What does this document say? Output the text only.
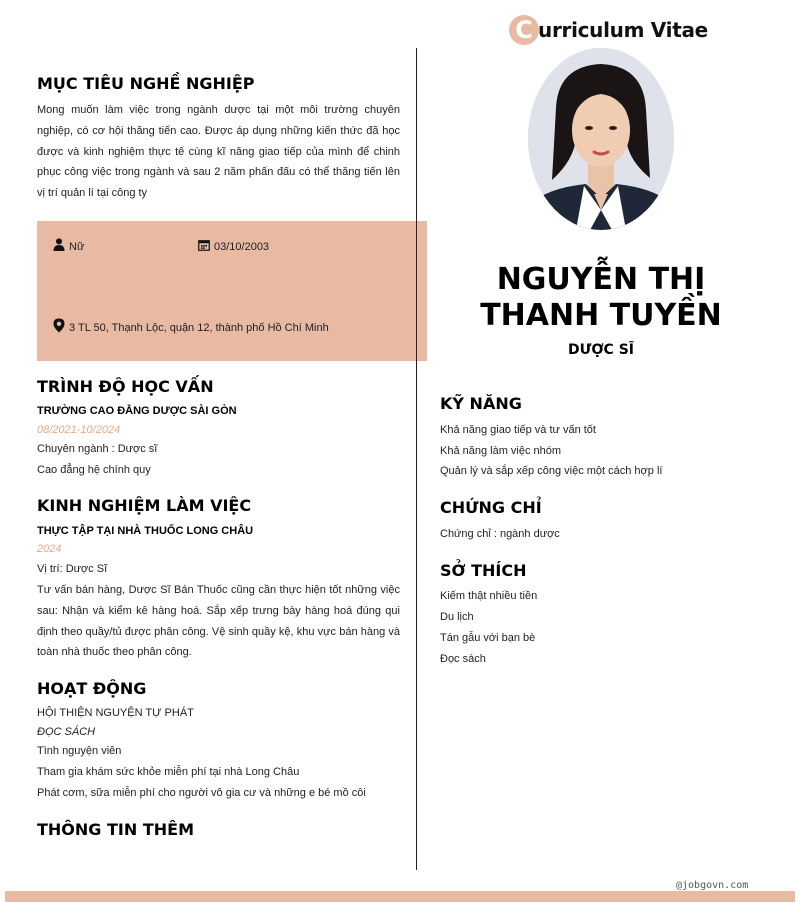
C urriculum Vitae
NGUYỄN THỊ THANH TUYỀN
DƯỢC SĨ
MỤC TIÊU NGHỀ NGHIỆP
Mong muốn làm việc trong ngành dược tại một môi trường chuyên nghiệp, có cơ hội thăng tiến cao. Được áp dụng những kiến thức đã học được và kinh nghiệm thực tế cùng kĩ năng giao tiếp của mình để chinh phục công việc trong ngành và sau 2 năm phấn đấu có thể thăng tiến lên vị trí quản lí tại công ty
Nữ	03/10/2003
3 TL 50, Thạnh Lộc, quận 12, thành phố Hồ Chí Minh
TRÌNH ĐỘ HỌC VẤN
TRƯỜNG CAO ĐẲNG DƯỢC SÀI GÒN
08/2021-10/2024
Chuyên ngành : Dược sĩ
Cao đẳng hệ chính quy
KINH NGHIỆM LÀM VIỆC
THỰC TẬP TẠI NHÀ THUỐC LONG CHÂU
2024
Vị trí: Dược Sĩ
Tư vấn bán hàng, Dược Sĩ Bán Thuốc cũng cần thực hiện tốt những việc sau: Nhận và kiểm kê hàng hoá. Sắp xếp trưng bày hàng hoá đúng qui định theo quầy/tủ được phân công. Vệ sinh quầy kệ, khu vực bán hàng và toàn nhà thuốc theo phân công.
HOẠT ĐỘNG
HỘI THIỆN NGUYỆN TỰ PHÁT
ĐỌC SÁCH
Tình nguyện viên
Tham gia khám sức khỏe miễn phí tại nhà Long Châu
Phát cơm, sữa miễn phí cho người vô gia cư và những e bé mồ côi
THÔNG TIN THÊM
KỸ NĂNG
Khả năng giao tiếp và tư vấn tốt
Khả năng làm việc nhóm
Quản lý và sắp xếp công việc một cách hợp lí
CHỨNG CHỈ
Chứng chỉ : ngành dược
SỞ THÍCH
Kiếm thật nhiều tiền
Du lịch
Tán gẫu với bạn bè
Đọc sách
@jobgovn.com
